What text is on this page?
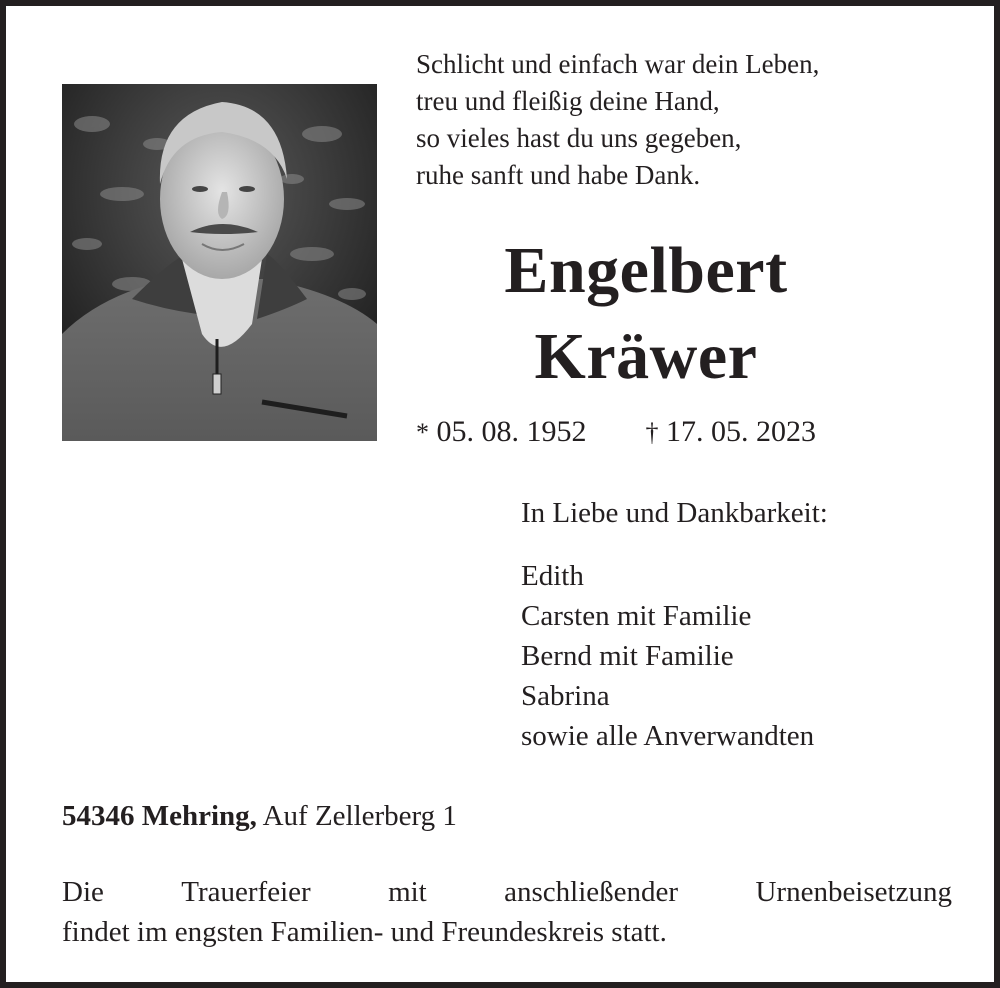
Schlicht und einfach war dein Leben,
treu und fleißig deine Hand,
so vieles hast du uns gegeben,
ruhe sanft und habe Dank.
Engelbert
Kräwer
* 05. 08. 1952 † 17. 05. 2023
In Liebe und Dankbarkeit:
Edith
Carsten mit Familie
Bernd mit Familie
Sabrina
sowie alle Anverwandten
54346 Mehring, Auf Zellerberg 1
Die	Trauerfeier	mit	anschließender	Urnenbeisetzung
findet im engsten Familien- und Freundeskreis statt.
